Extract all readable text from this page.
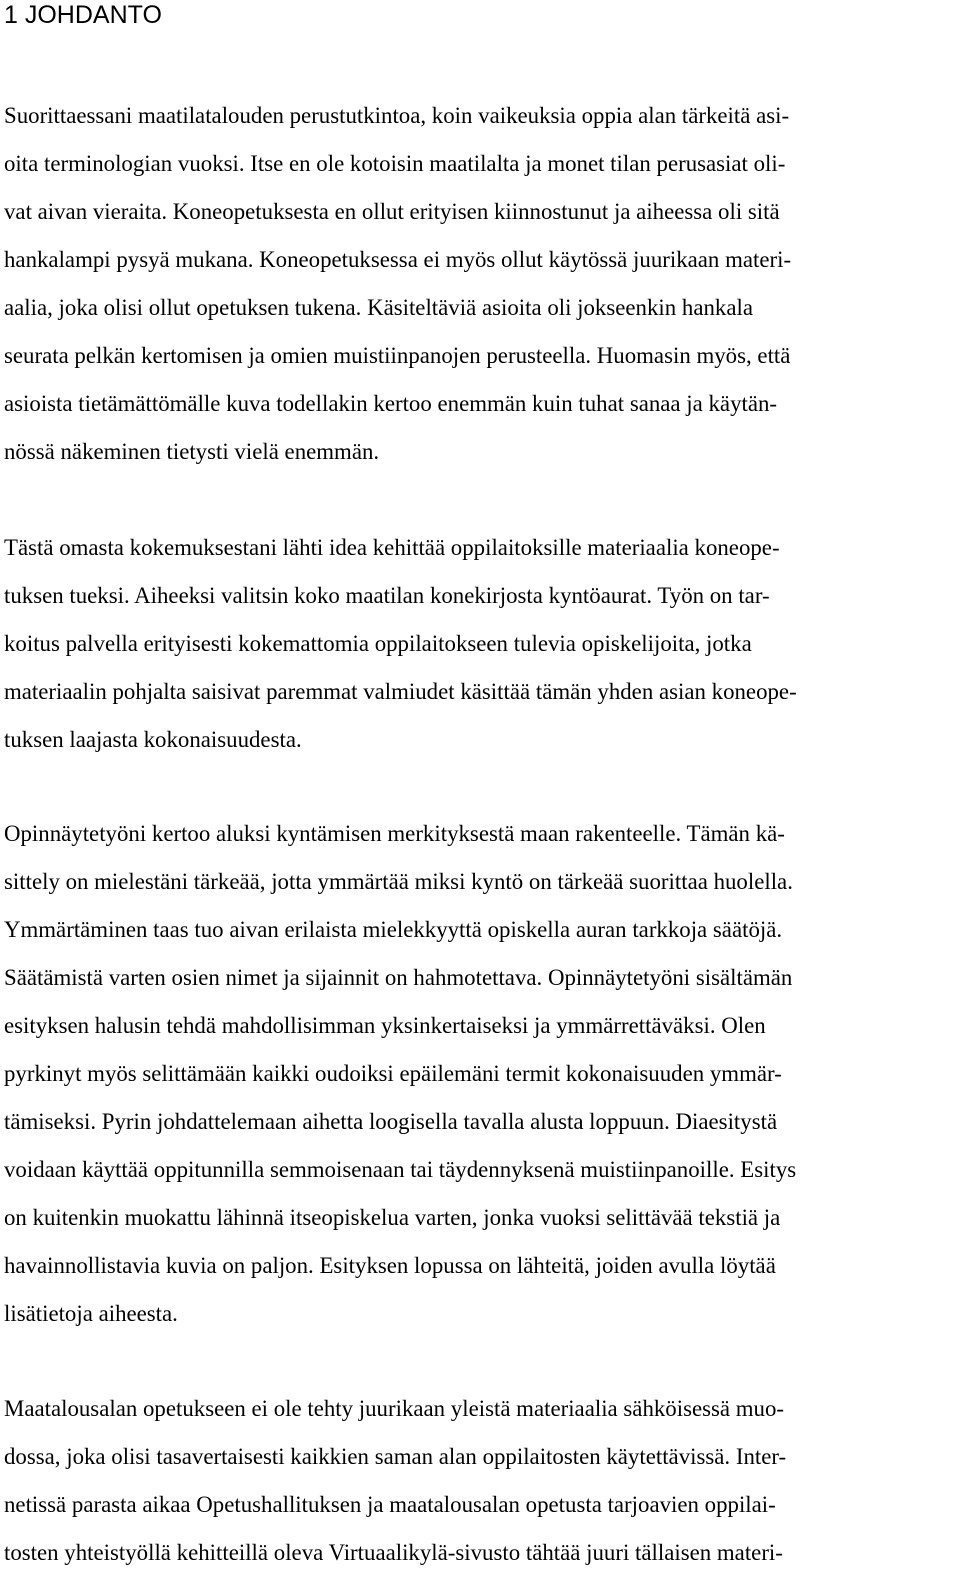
1 JOHDANTO
Suorittaessani maatilatalouden perustutkintoa, koin vaikeuksia oppia alan tärkeitä asi-
oita terminologian vuoksi. Itse en ole kotoisin maatilalta ja monet tilan perusasiat oli-
vat aivan vieraita. Koneopetuksesta en ollut erityisen kiinnostunut ja aiheessa oli sitä
hankalampi pysyä mukana. Koneopetuksessa ei myös ollut käytössä juurikaan materi-
aalia, joka olisi ollut opetuksen tukena. Käsiteltäviä asioita oli jokseenkin hankala
seurata pelkän kertomisen ja omien muistiinpanojen perusteella. Huomasin myös, että
asioista tietämättömälle kuva todellakin kertoo enemmän kuin tuhat sanaa ja käytän-
nössä näkeminen tietysti vielä enemmän.
Tästä omasta kokemuksestani lähti idea kehittää oppilaitoksille materiaalia koneope-
tuksen tueksi. Aiheeksi valitsin koko maatilan konekirjosta kyntöaurat. Työn on tar-
koitus palvella erityisesti kokemattomia oppilaitokseen tulevia opiskelijoita, jotka
materiaalin pohjalta saisivat paremmat valmiudet käsittää tämän yhden asian koneope-
tuksen laajasta kokonaisuudesta.
Opinnäytetyöni kertoo aluksi kyntämisen merkityksestä maan rakenteelle. Tämän kä-
sittely on mielestäni tärkeää, jotta ymmärtää miksi kyntö on tärkeää suorittaa huolella.
Ymmärtäminen taas tuo aivan erilaista mielekkyyttä opiskella auran tarkkoja säätöjä.
Säätämistä varten osien nimet ja sijainnit on hahmotettava. Opinnäytetyöni sisältämän
esityksen halusin tehdä mahdollisimman yksinkertaiseksi ja ymmärrettäväksi. Olen
pyrkinyt myös selittämään kaikki oudoiksi epäilemäni termit kokonaisuuden ymmär-
tämiseksi. Pyrin johdattelemaan aihetta loogisella tavalla alusta loppuun. Diaesitystä
voidaan käyttää oppitunnilla semmoisenaan tai täydennyksenä muistiinpanoille. Esitys
on kuitenkin muokattu lähinnä itseopiskelua varten, jonka vuoksi selittävää tekstiä ja
havainnollistavia kuvia on paljon. Esityksen lopussa on lähteitä, joiden avulla löytää
lisätietoja aiheesta.
Maatalousalan opetukseen ei ole tehty juurikaan yleistä materiaalia sähköisessä muo-
dossa, joka olisi tasavertaisesti kaikkien saman alan oppilaitosten käytettävissä. Inter-
netissä parasta aikaa Opetushallituksen ja maatalousalan opetusta tarjoavien oppilai-
tosten yhteistyöllä kehitteillä oleva Virtuaalikylä-sivusto tähtää juuri tällaisen materi-
